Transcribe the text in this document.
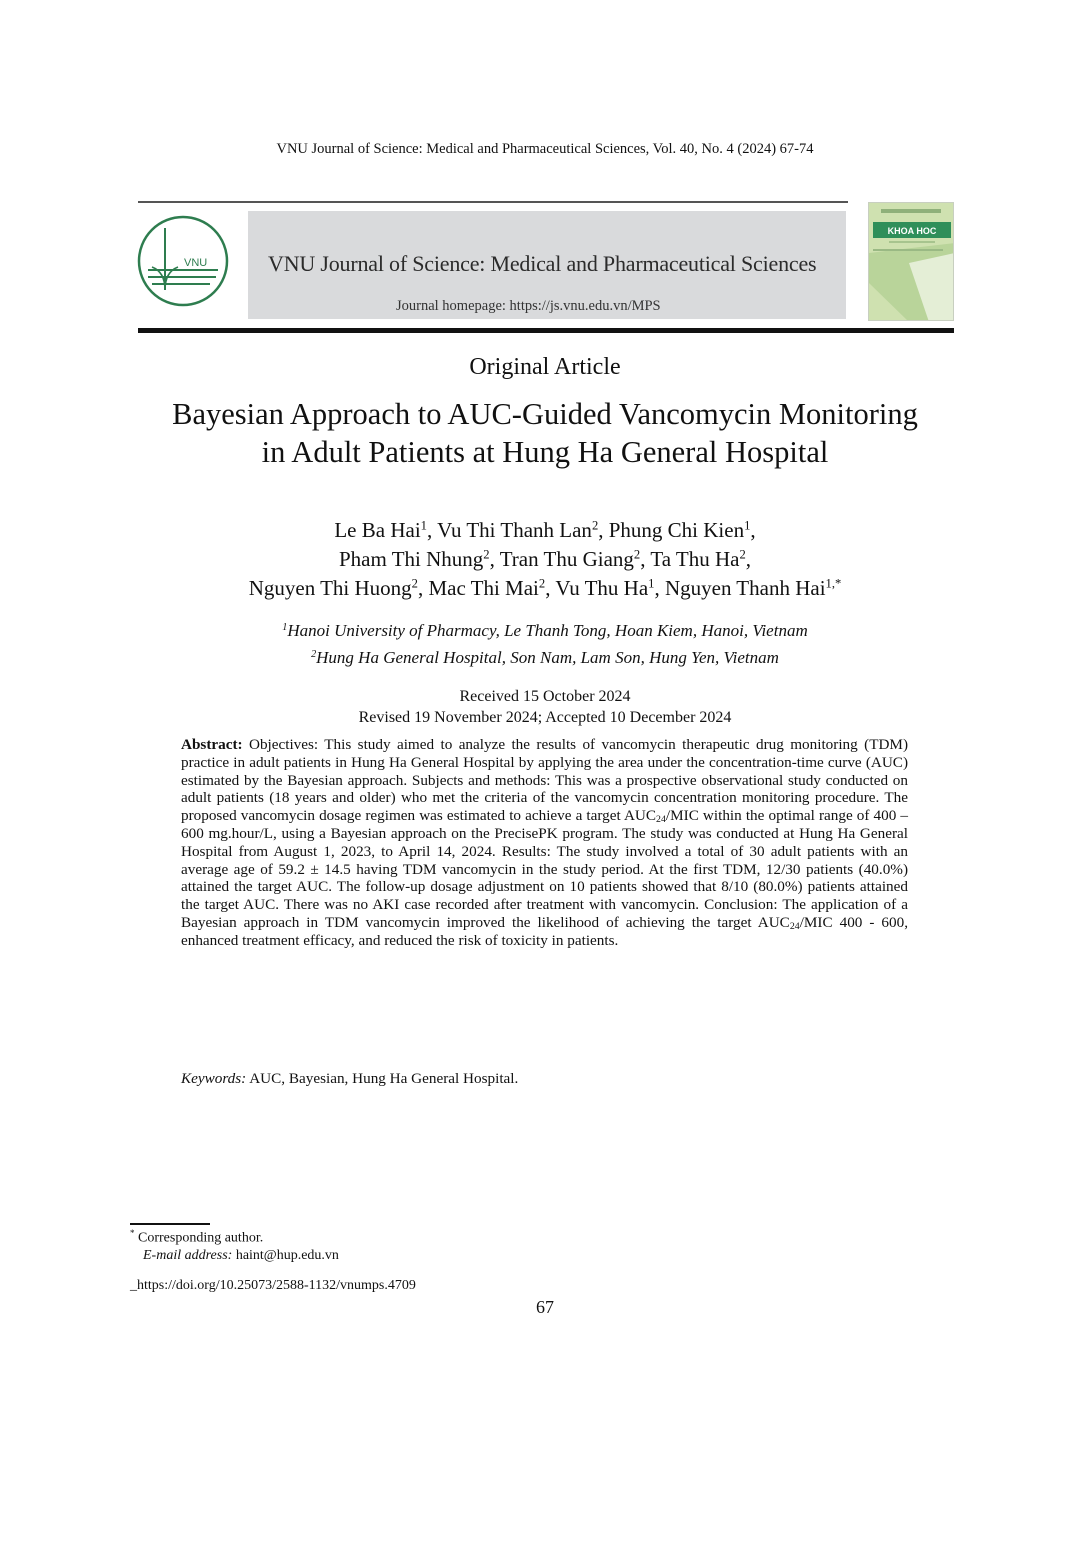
VNU Journal of Science: Medical and Pharmaceutical Sciences, Vol. 40, No. 4 (2024) 67-74
VNU	VNU Journal of Science: Medical and Pharmaceutical Sciences
Journal homepage: https://js.vnu.edu.vn/MPS
KHOA HOC
Original Article
Bayesian Approach to AUC-Guided Vancomycin Monitoring
in Adult Patients at Hung Ha General Hospital
Le Ba Hai$^1$, Vu Thi Thanh Lan$^2$, Phung Chi Kien$^1$,
Pham Thi Nhung$^2$, Tran Thu Giang$^2$, Ta Thu Ha$^2$,
Nguyen Thi Huong$^2$, Mac Thi Mai$^2$, Vu Thu Ha$^1$, Nguyen Thanh Hai$^{1,*}$
$^1$Hanoi University of Pharmacy, Le Thanh Tong, Hoan Kiem, Hanoi, Vietnam
$^2$Hung Ha General Hospital, Son Nam, Lam Son, Hung Yen, Vietnam
Received 15 October 2024
Revised 19 November 2024; Accepted 10 December 2024
Abstract: Objectives: This study aimed to analyze the results of vancomycin therapeutic drug monitoring (TDM) practice in adult patients in Hung Ha General Hospital by applying the area under the concentration-time curve (AUC) estimated by the Bayesian approach. Subjects and methods: This was a prospective observational study conducted on adult patients (18 years and older) who met the criteria of the vancomycin concentration monitoring procedure. The proposed vancomycin dosage regimen was estimated to achieve a target $AUC_{24}$/MIC within the optimal range of 400 – 600 mg.hour/L, using a Bayesian approach on the PrecisePK program. The study was conducted at Hung Ha General Hospital from August 1, 2023, to April 14, 2024. Results: The study involved a total of 30 adult patients with an average age of 59.2 ± 14.5 having TDM vancomycin in the study period. At the first TDM, 12/30 patients (40.0%) attained the target AUC. The follow-up dosage adjustment on 10 patients showed that 8/10 (80.0%) patients attained the target AUC. There was no AKI case recorded after treatment with vancomycin. Conclusion: The application of a Bayesian approach in TDM vancomycin improved the likelihood of achieving the target $AUC_{24}$/MIC 400 - 600, enhanced treatment efficacy, and reduced the risk of toxicity in patients.
Keywords: AUC, Bayesian, Hung Ha General Hospital.
* Corresponding author.
E-mail address: haint@hup.edu.vn
_https://doi.org/10.25073/2588-1132/vnumps.4709
67
